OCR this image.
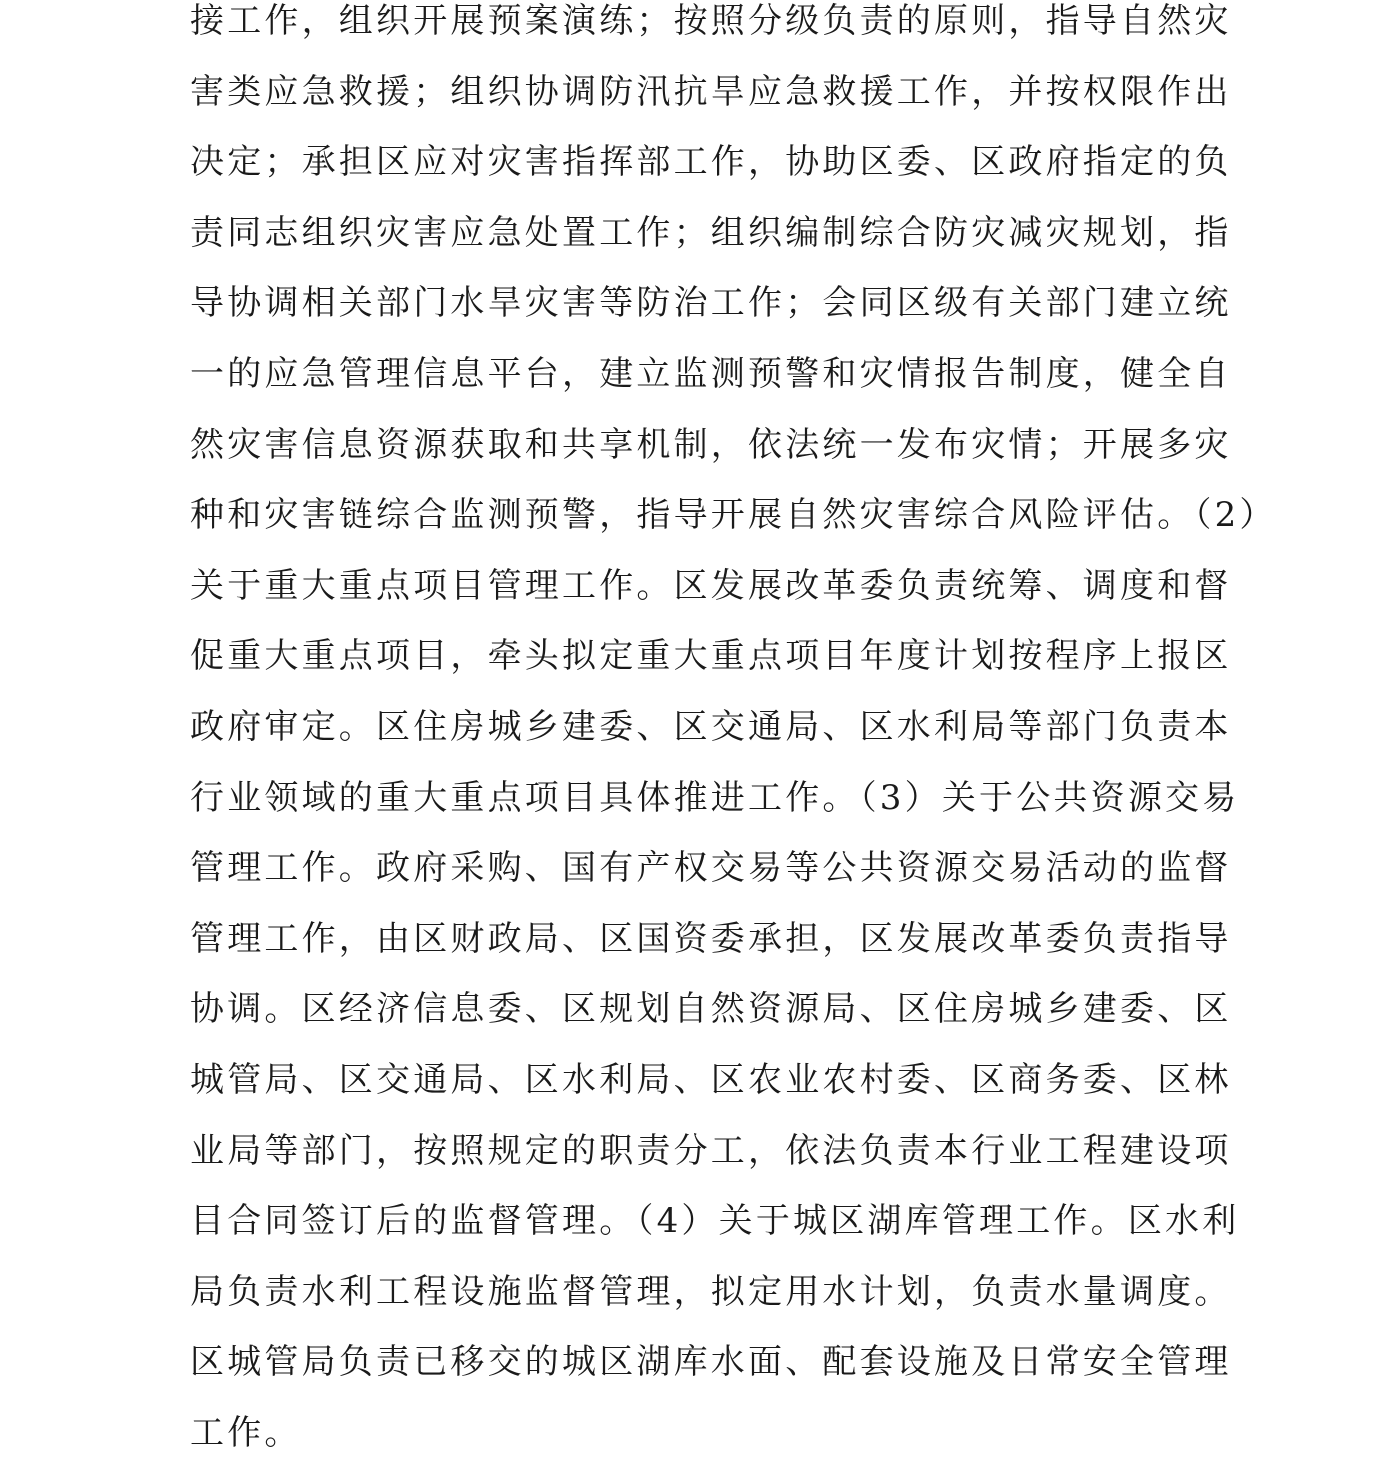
接工作，组织开展预案演练；按照分级负责的原则，指导自然灾
害类应急救援；组织协调防汛抗旱应急救援工作，并按权限作出
决定；承担区应对灾害指挥部工作，协助区委、区政府指定的负
责同志组织灾害应急处置工作；组织编制综合防灾减灾规划，指
导协调相关部门水旱灾害等防治工作；会同区级有关部门建立统
一的应急管理信息平台，建立监测预警和灾情报告制度，健全自
然灾害信息资源获取和共享机制，依法统一发布灾情；开展多灾
种和灾害链综合监测预警，指导开展自然灾害综合风险评估。（2）
关于重大重点项目管理工作。区发展改革委负责统筹、调度和督
促重大重点项目，牵头拟定重大重点项目年度计划按程序上报区
政府审定。区住房城乡建委、区交通局、区水利局等部门负责本
行业领域的重大重点项目具体推进工作。（3）关于公共资源交易
管理工作。政府采购、国有产权交易等公共资源交易活动的监督
管理工作，由区财政局、区国资委承担，区发展改革委负责指导
协调。区经济信息委、区规划自然资源局、区住房城乡建委、区
城管局、区交通局、区水利局、区农业农村委、区商务委、区林
业局等部门，按照规定的职责分工，依法负责本行业工程建设项
目合同签订后的监督管理。（4）关于城区湖库管理工作。区水利
局负责水利工程设施监督管理，拟定用水计划，负责水量调度。
区城管局负责已移交的城区湖库水面、配套设施及日常安全管理
工作。
